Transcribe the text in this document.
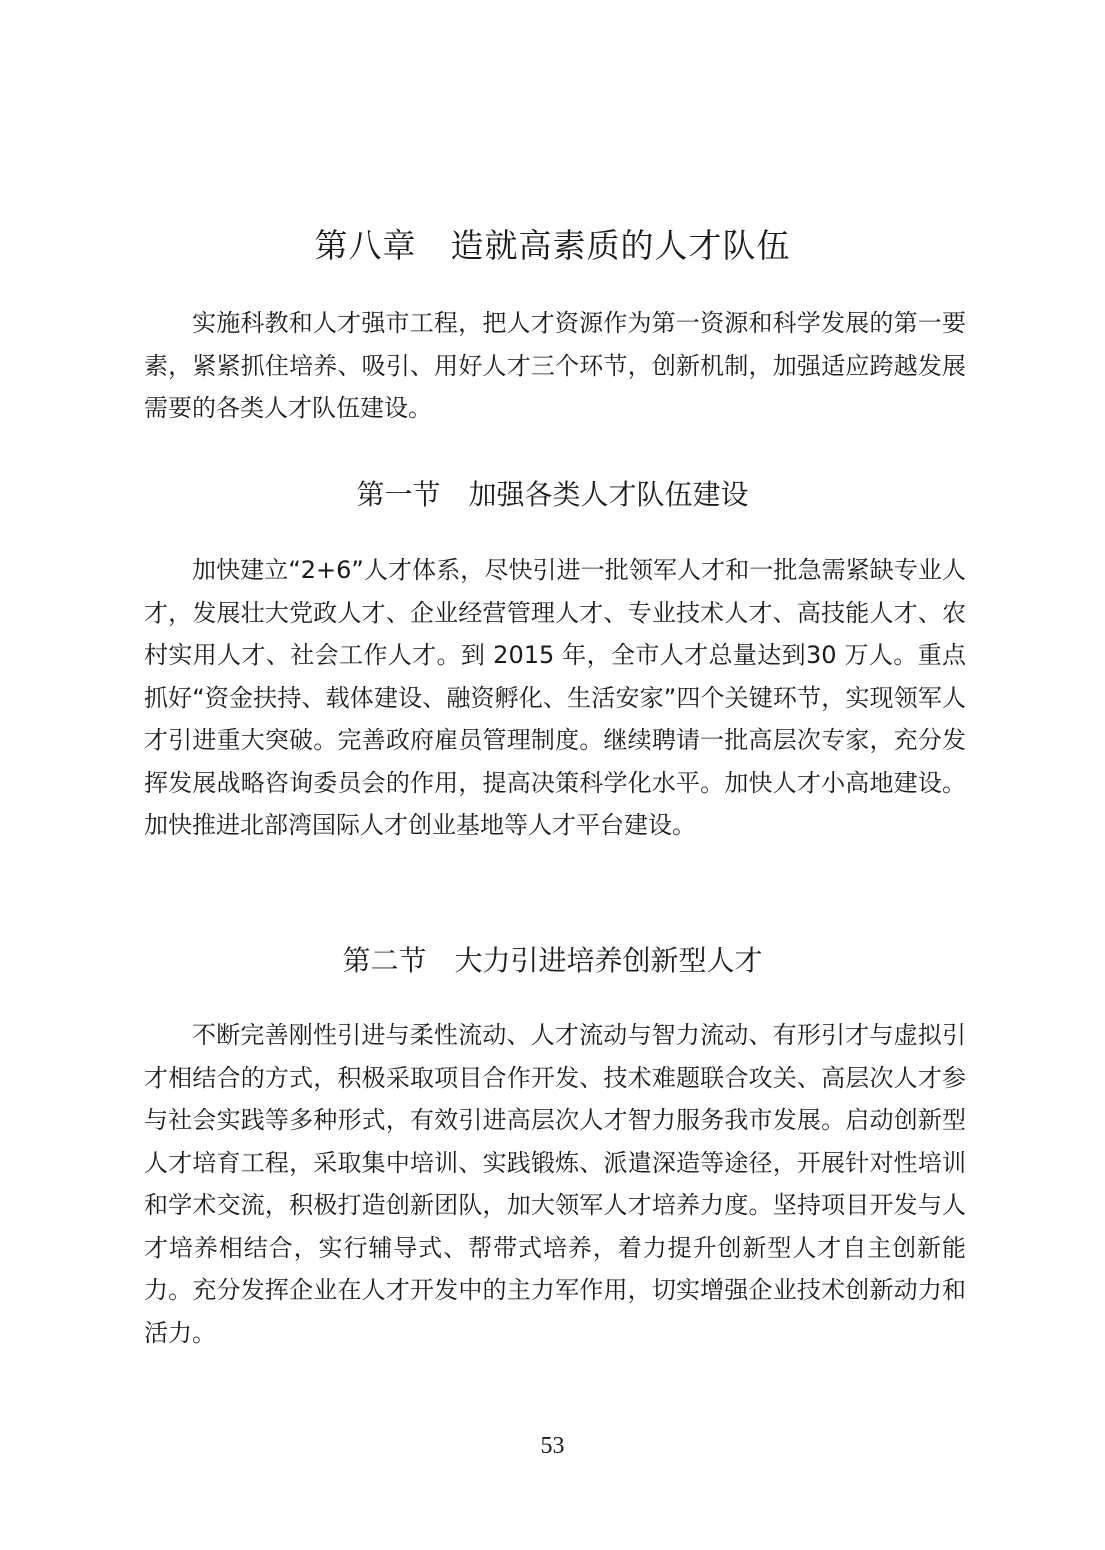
第八章　造就高素质的人才队伍

实施科教和人才强市工程，把人才资源作为第一资源和科学发展的第一要素，紧紧抓住培养、吸引、用好人才三个环节，创新机制，加强适应跨越发展需要的各类人才队伍建设。

第一节　加强各类人才队伍建设

加快建立“2+6”人才体系，尽快引进一批领军人才和一批急需紧缺专业人才，发展壮大党政人才、企业经营管理人才、专业技术人才、高技能人才、农村实用人才、社会工作人才。到 2015 年，全市人才总量达到30 万人。重点抓好“资金扶持、载体建设、融资孵化、生活安家”四个关键环节，实现领军人才引进重大突破。完善政府雇员管理制度。继续聘请一批高层次专家，充分发挥发展战略咨询委员会的作用，提高决策科学化水平。加快人才小高地建设。加快推进北部湾国际人才创业基地等人才平台建设。

第二节　大力引进培养创新型人才

不断完善刚性引进与柔性流动、人才流动与智力流动、有形引才与虚拟引才相结合的方式，积极采取项目合作开发、技术难题联合攻关、高层次人才参与社会实践等多种形式，有效引进高层次人才智力服务我市发展。启动创新型人才培育工程，采取集中培训、实践锻炼、派遣深造等途径，开展针对性培训和学术交流，积极打造创新团队，加大领军人才培养力度。坚持项目开发与人才培养相结合，实行辅导式、帮带式培养，着力提升创新型人才自主创新能力。充分发挥企业在人才开发中的主力军作用，切实增强企业技术创新动力和活力。

53
